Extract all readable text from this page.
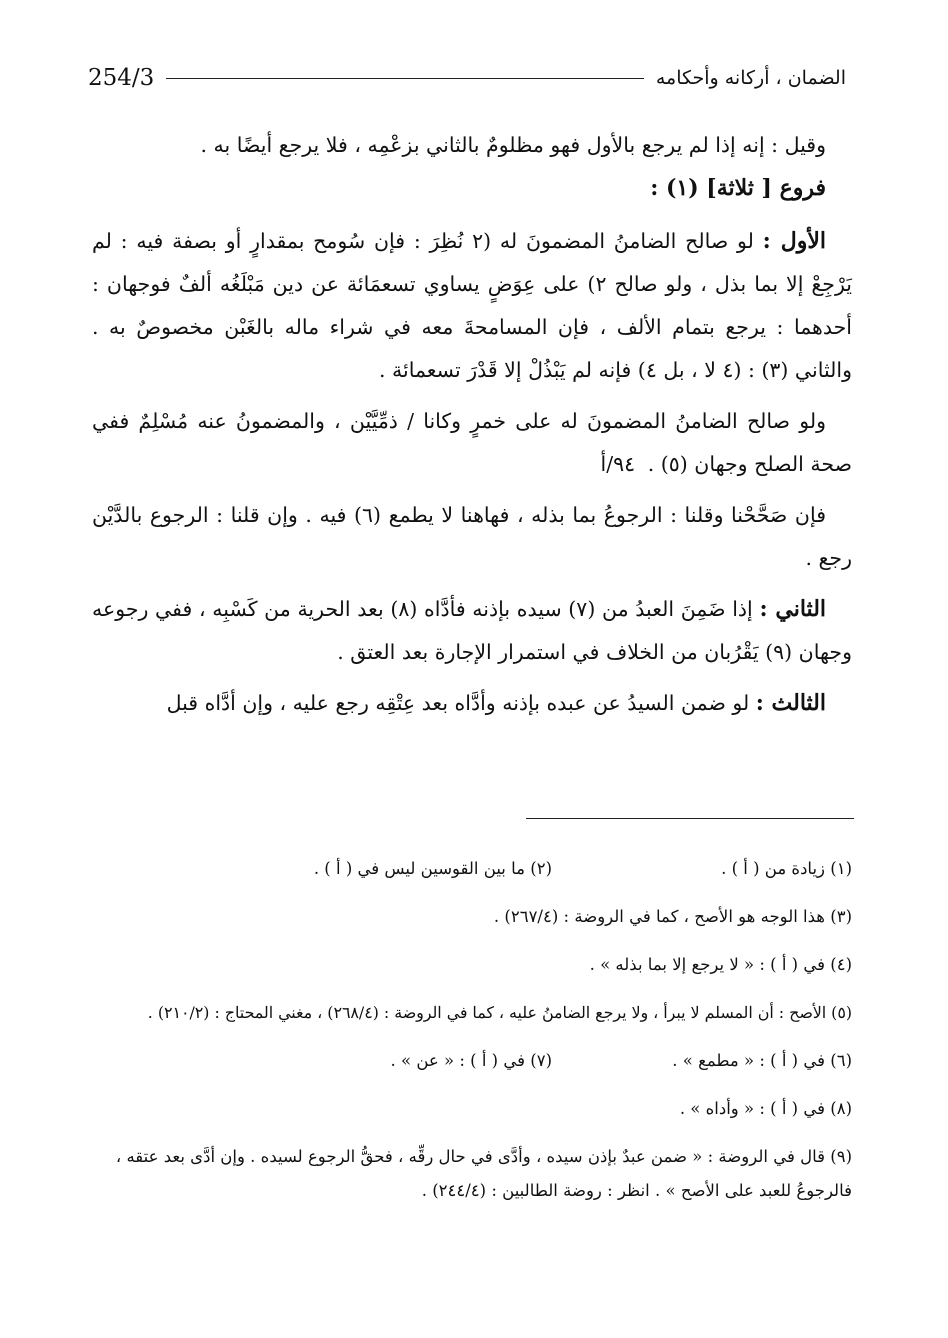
الضمان ، أركانه وأحكامه
254/3

وقيل : إنه إذا لم يرجع بالأول فهو مظلومٌ بالثاني بزعْمِه ، فلا يرجع أيضًا به .

فروع [ ثلاثة] (١) :

الأول : لو صالح الضامنُ المضمونَ له (٢ نُظِرَ : فإن سُومح بمقدارٍ أو بصفة فيه : لم يَرْجِعْ إلا بما بذل ، ولو صالح ٢) على عِوَضٍ يساوي تسعمَائة عن دين مَبْلَغُه ألفٌ فوجهان : أحدهما : يرجع بتمام الألف ، فإن المسامحةَ معه في شراء ماله بالغَبْن مخصوصٌ به . والثاني (٣) : (٤ لا ، بل ٤) فإنه لم يَبْذُلْ إلا قَدْرَ تسعمائة .

ولو صالح الضامنُ المضمونَ له على خمرٍ وكانا / ذمِّيَّيْن ، والمضمونُ عنه مُسْلِمٌ ففي صحة الصلح وجهان (٥) . ٩٤/أ

فإن صَحَّحْنا وقلنا : الرجوعُ بما بذله ، فهاهنا لا يطمع (٦) فيه . وإن قلنا : الرجوع بالدَّيْن رجع .

الثاني : إذا ضَمِنَ العبدُ من (٧) سيده بإذنه فأدَّاه (٨) بعد الحرية من كَسْبِه ، ففي رجوعه وجهان (٩) يَقْرُبان من الخلاف في استمرار الإجارة بعد العتق .

الثالث : لو ضمن السيدُ عن عبده بإذنه وأدَّاه بعد عِتْقِه رجع عليه ، وإن أدَّاه قبل

(١) زيادة من ( أ ) .
(٢) ما بين القوسين ليس في ( أ ) .
(٣) هذا الوجه هو الأصح ، كما في الروضة : (٢٦٧/٤) .
(٤) في ( أ ) : « لا يرجع إلا بما بذله » .
(٥) الأصح : أن المسلم لا يبرأ ، ولا يرجع الضامنُ عليه ، كما في الروضة : (٢٦٨/٤) ، مغني المحتاج : (٢١٠/٢) .
(٦) في ( أ ) : « مطمع » .
(٧) في ( أ ) : « عن » .
(٨) في ( أ ) : « وأداه » .
(٩) قال في الروضة : « ضمن عبدٌ بإذن سيده ، وأدَّى في حال رقِّه ، فحقُّ الرجوع لسيده . وإن أدَّى بعد عتقه ، فالرجوعُ للعبد على الأصح » . انظر : روضة الطالبين : (٢٤٤/٤) .
